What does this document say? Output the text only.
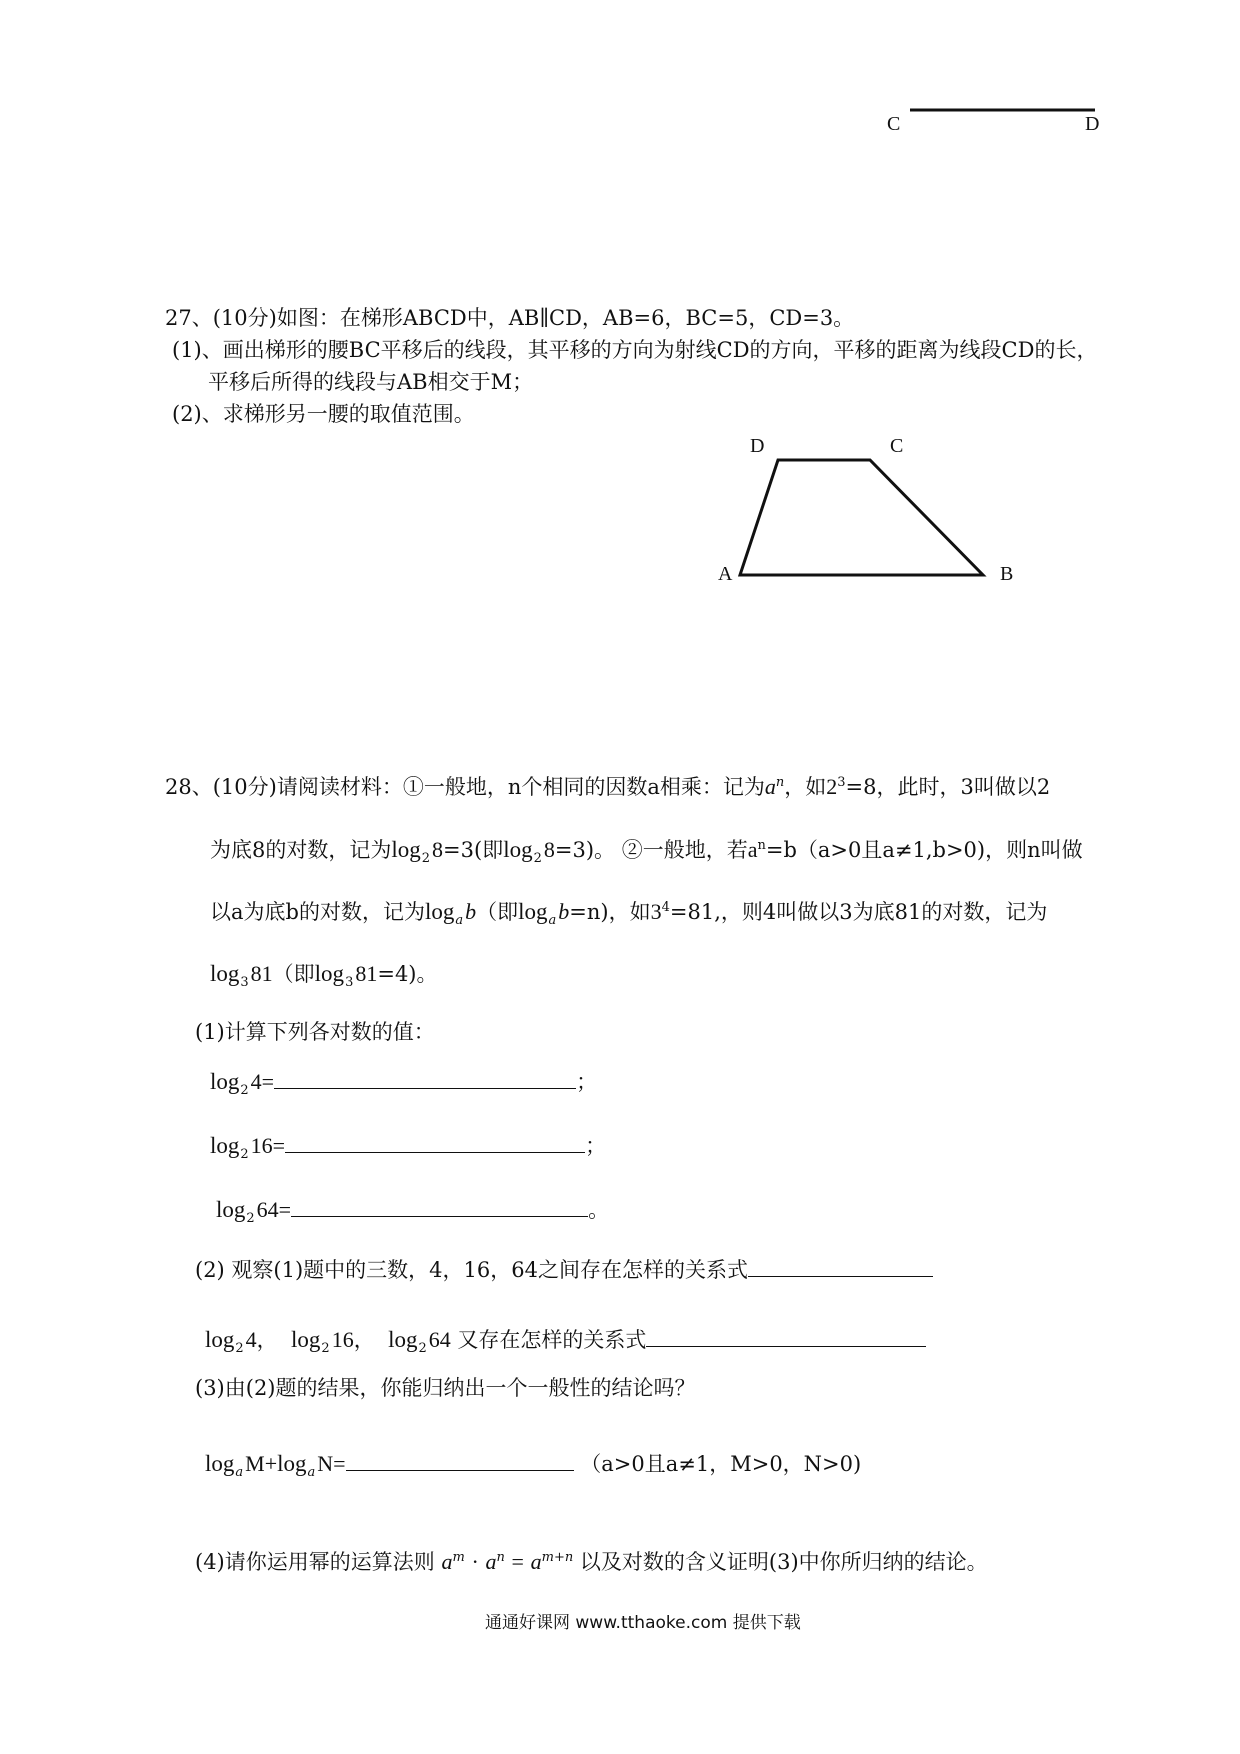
C	D
27、(10分)如图：在梯形ABCD中，AB∥CD，AB=6，BC=5，CD=3。
(1)、画出梯形的腰BC平移后的线段，其平移的方向为射线CD的方向，平移的距离为线段CD的长，
平移后所得的线段与AB相交于M；
(2)、求梯形另一腰的取值范围。
D	C
A	B
28、(10分)请阅读材料：①一般地，n个相同的因数a相乘：记为$a^n$，如$2^3=8$，此时，3叫做以2
为底8的对数，记为$\log_28=3$(即$\log_28=3$)。 ②一般地，若$a^n=b(a>0$且a≠1,b>0)，则n叫做
以a为底b的对数，记为$\log_ab$（即$\log_ab=n$)，如$3^4=81$,，则4叫做以3为底81的对数，记为
$\log_381$（即$\log_381=4$)。
(1)计算下列各对数的值：
$\log_24=$	；
$\log_216=$	；
$\log_264=$	。
(2) 观察(1)题中的三数，4，16，64之间存在怎样的关系式
$\log_24$， $\log_216$， $\log_264$ 又存在怎样的关系式
(3)由(2)题的结果，你能归纳出一个一般性的结论吗？
$\log_aM+\log_aN=$	（a>0且a≠1，M>0，N>0)
(4)请你运用幂的运算法则 $a^m \cdot a^n = a^{m+n}$ 以及对数的含义证明(3)中你所归纳的结论。
通通好课网 www.tthaoke.com 提供下载
